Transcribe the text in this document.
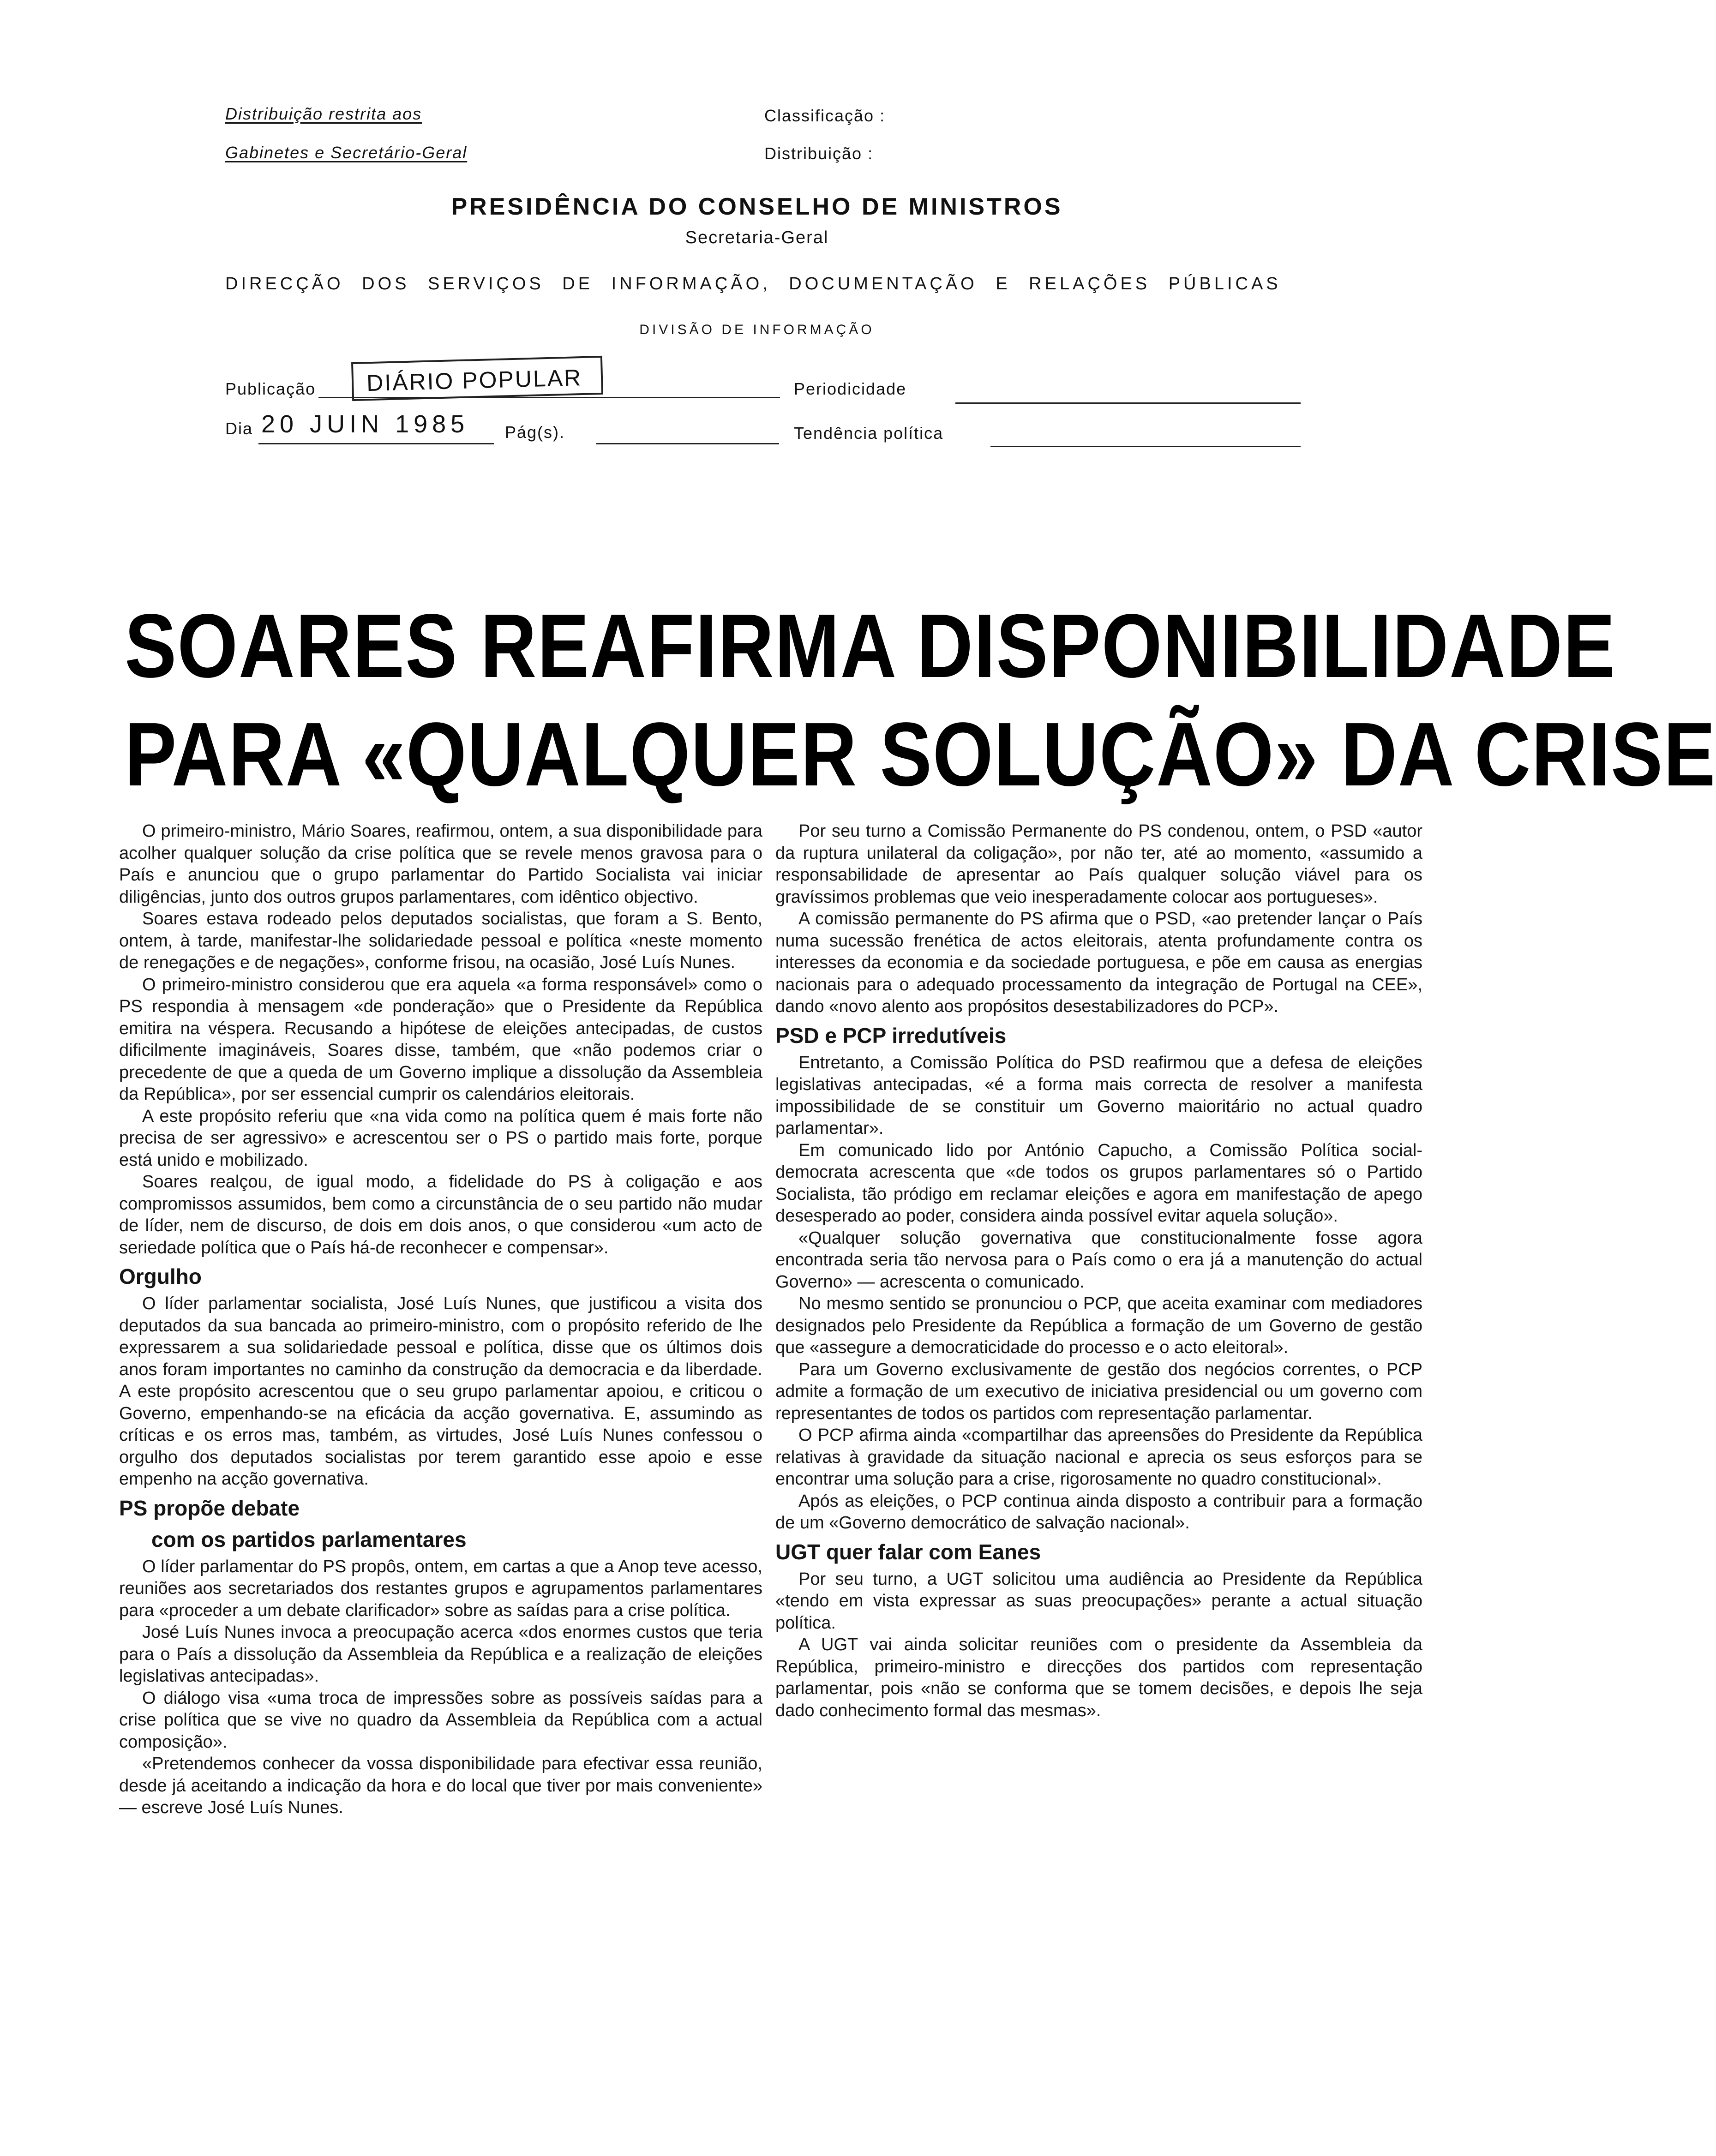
Distribuição restrita aos
Gabinetes e Secretário-Geral
Classificação :
Distribuição :
PRESIDÊNCIA DO CONSELHO DE MINISTROS
Secretaria-Geral
DIRECÇÃO DOS SERVIÇOS DE INFORMAÇÃO, DOCUMENTAÇÃO E RELAÇÕES PÚBLICAS
DIVISÃO DE INFORMAÇÃO
Publicação	DIÁRIO POPULAR	Periodicidade
Dia 20 JUIN 1985 Pág(s).	Tendência política
SOARES REAFIRMA DISPONIBILIDADE
PARA «QUALQUER SOLUÇÃO» DA CRISE

O primeiro-ministro, Mário Soares, reafirmou, ontem, a sua disponibilidade para acolher qualquer solução da crise política que se revele menos gravosa para o País e anunciou que o grupo parlamentar do Partido Socialista vai iniciar diligências, junto dos outros grupos parlamentares, com idêntico objectivo.

Soares estava rodeado pelos deputados socialistas, que foram a S. Bento, ontem, à tarde, manifestar-lhe solidariedade pessoal e política «neste momento de renegações e de negações», conforme frisou, na ocasião, José Luís Nunes.

O primeiro-ministro considerou que era aquela «a forma responsável» como o PS respondia à mensagem «de ponderação» que o Presidente da República emitira na véspera. Recusando a hipótese de eleições antecipadas, de custos dificilmente imagináveis, Soares disse, também, que «não podemos criar o precedente de que a queda de um Governo implique a dissolução da Assembleia da República», por ser essencial cumprir os calendários eleitorais.

A este propósito referiu que «na vida como na política quem é mais forte não precisa de ser agressivo» e acrescentou ser o PS o partido mais forte, porque está unido e mobilizado.

Soares realçou, de igual modo, a fidelidade do PS à coligação e aos compromissos assumidos, bem como a circunstância de o seu partido não mudar de líder, nem de discurso, de dois em dois anos, o que considerou «um acto de seriedade política que o País há-de reconhecer e compensar».

Orgulho

O líder parlamentar socialista, José Luís Nunes, que justificou a visita dos deputados da sua bancada ao primeiro-ministro, com o propósito referido de lhe expressarem a sua solidariedade pessoal e política, disse que os últimos dois anos foram importantes no caminho da construção da democracia e da liberdade. A este propósito acrescentou que o seu grupo parlamentar apoiou, e criticou o Governo, empenhando-se na eficácia da acção governativa. E, assumindo as críticas e os erros mas, também, as virtudes, José Luís Nunes confessou o orgulho dos deputados socialistas por terem garantido esse apoio e esse empenho na acção governativa.

PS propõe debate
com os partidos parlamentares

O líder parlamentar do PS propôs, ontem, em cartas a que a Anop teve acesso, reuniões aos secretariados dos restantes grupos e agrupamentos parlamentares para «proceder a um debate clarificador» sobre as saídas para a crise política.

José Luís Nunes invoca a preocupação acerca «dos enormes custos que teria para o País a dissolução da Assembleia da República e a realização de eleições legislativas antecipadas».

O diálogo visa «uma troca de impressões sobre as possíveis saídas para a crise política que se vive no quadro da Assembleia da República com a actual composição».

«Pretendemos conhecer da vossa disponibilidade para efectivar essa reunião, desde já aceitando a indicação da hora e do local que tiver por mais conveniente» — escreve José Luís Nunes.

Por seu turno a Comissão Permanente do PS condenou, ontem, o PSD «autor da ruptura unilateral da coligação», por não ter, até ao momento, «assumido a responsabilidade de apresentar ao País qualquer solução viável para os gravíssimos problemas que veio inesperadamente colocar aos portugueses».

A comissão permanente do PS afirma que o PSD, «ao pretender lançar o País numa sucessão frenética de actos eleitorais, atenta profundamente contra os interesses da economia e da sociedade portuguesa, e põe em causa as energias nacionais para o adequado processamento da integração de Portugal na CEE», dando «novo alento aos propósitos desestabilizadores do PCP».

PSD e PCP irredutíveis

Entretanto, a Comissão Política do PSD reafirmou que a defesa de eleições legislativas antecipadas, «é a forma mais correcta de resolver a manifesta impossibilidade de se constituir um Governo maioritário no actual quadro parlamentar».

Em comunicado lido por António Capucho, a Comissão Política social-democrata acrescenta que «de todos os grupos parlamentares só o Partido Socialista, tão pródigo em reclamar eleições e agora em manifestação de apego desesperado ao poder, considera ainda possível evitar aquela solução».

«Qualquer solução governativa que constitucionalmente fosse agora encontrada seria tão nervosa para o País como o era já a manutenção do actual Governo» — acrescenta o comunicado.

No mesmo sentido se pronunciou o PCP, que aceita examinar com mediadores designados pelo Presidente da República a formação de um Governo de gestão que «assegure a democraticidade do processo e o acto eleitoral».

Para um Governo exclusivamente de gestão dos negócios correntes, o PCP admite a formação de um executivo de iniciativa presidencial ou um governo com representantes de todos os partidos com representação parlamentar.

O PCP afirma ainda «compartilhar das apreensões do Presidente da República relativas à gravidade da situação nacional e aprecia os seus esforços para se encontrar uma solução para a crise, rigorosamente no quadro constitucional».

Após as eleições, o PCP continua ainda disposto a contribuir para a formação de um «Governo democrático de salvação nacional».

UGT quer falar com Eanes

Por seu turno, a UGT solicitou uma audiência ao Presidente da República «tendo em vista expressar as suas preocupações» perante a actual situação política.

A UGT vai ainda solicitar reuniões com o presidente da Assembleia da República, primeiro-ministro e direcções dos partidos com representação parlamentar, pois «não se conforma que se tomem decisões, e depois lhe seja dado conhecimento formal das mesmas».
